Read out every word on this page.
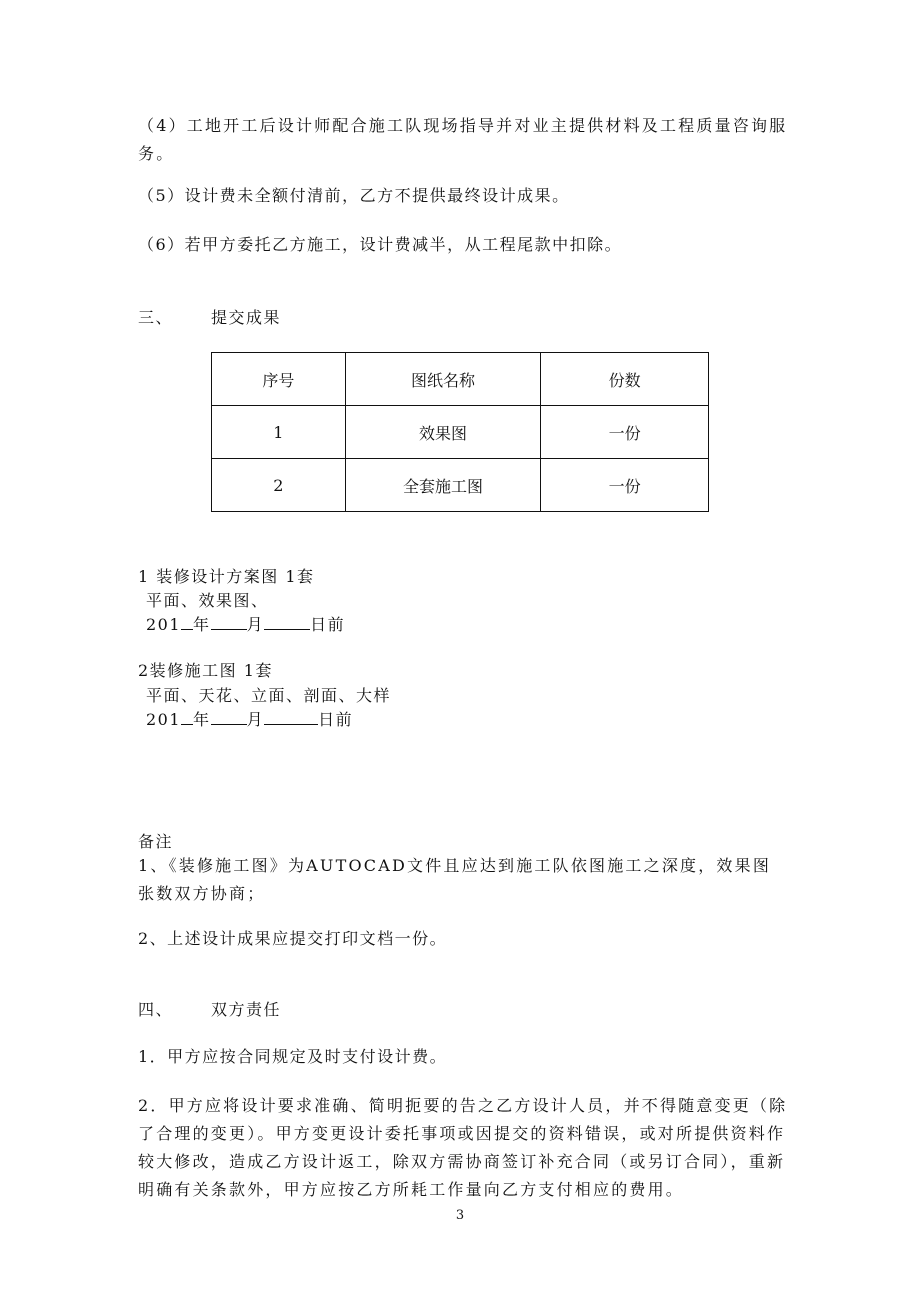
（4）工地开工后设计师配合施工队现场指导并对业主提供材料及工程质量咨询服务。

（5）设计费未全额付清前，乙方不提供最终设计成果。

（6）若甲方委托乙方施工，设计费减半，从工程尾款中扣除。

三、 提交成果

序号	图纸名称	份数
1	效果图	一份
2	全套施工图	一份

1 装修设计方案图 1套

平面、效果图、

201 年 月	日前

2装修施工图 1套

平面、天花、立面、剖面、大样

201 年 月	日前

备注

1、《装修施工图》为AUTOCAD文件且应达到施工队依图施工之深度，效果图张数双方协商；

2、上述设计成果应提交打印文档一份。

四、 双方责任

1．甲方应按合同规定及时支付设计费。

2．甲方应将设计要求准确、简明扼要的告之乙方设计人员，并不得随意变更（除了合理的变更）。甲方变更设计委托事项或因提交的资料错误，或对所提供资料作较大修改，造成乙方设计返工，除双方需协商签订补充合同（或另订合同），重新明确有关条款外，甲方应按乙方所耗工作量向乙方支付相应的费用。

3
